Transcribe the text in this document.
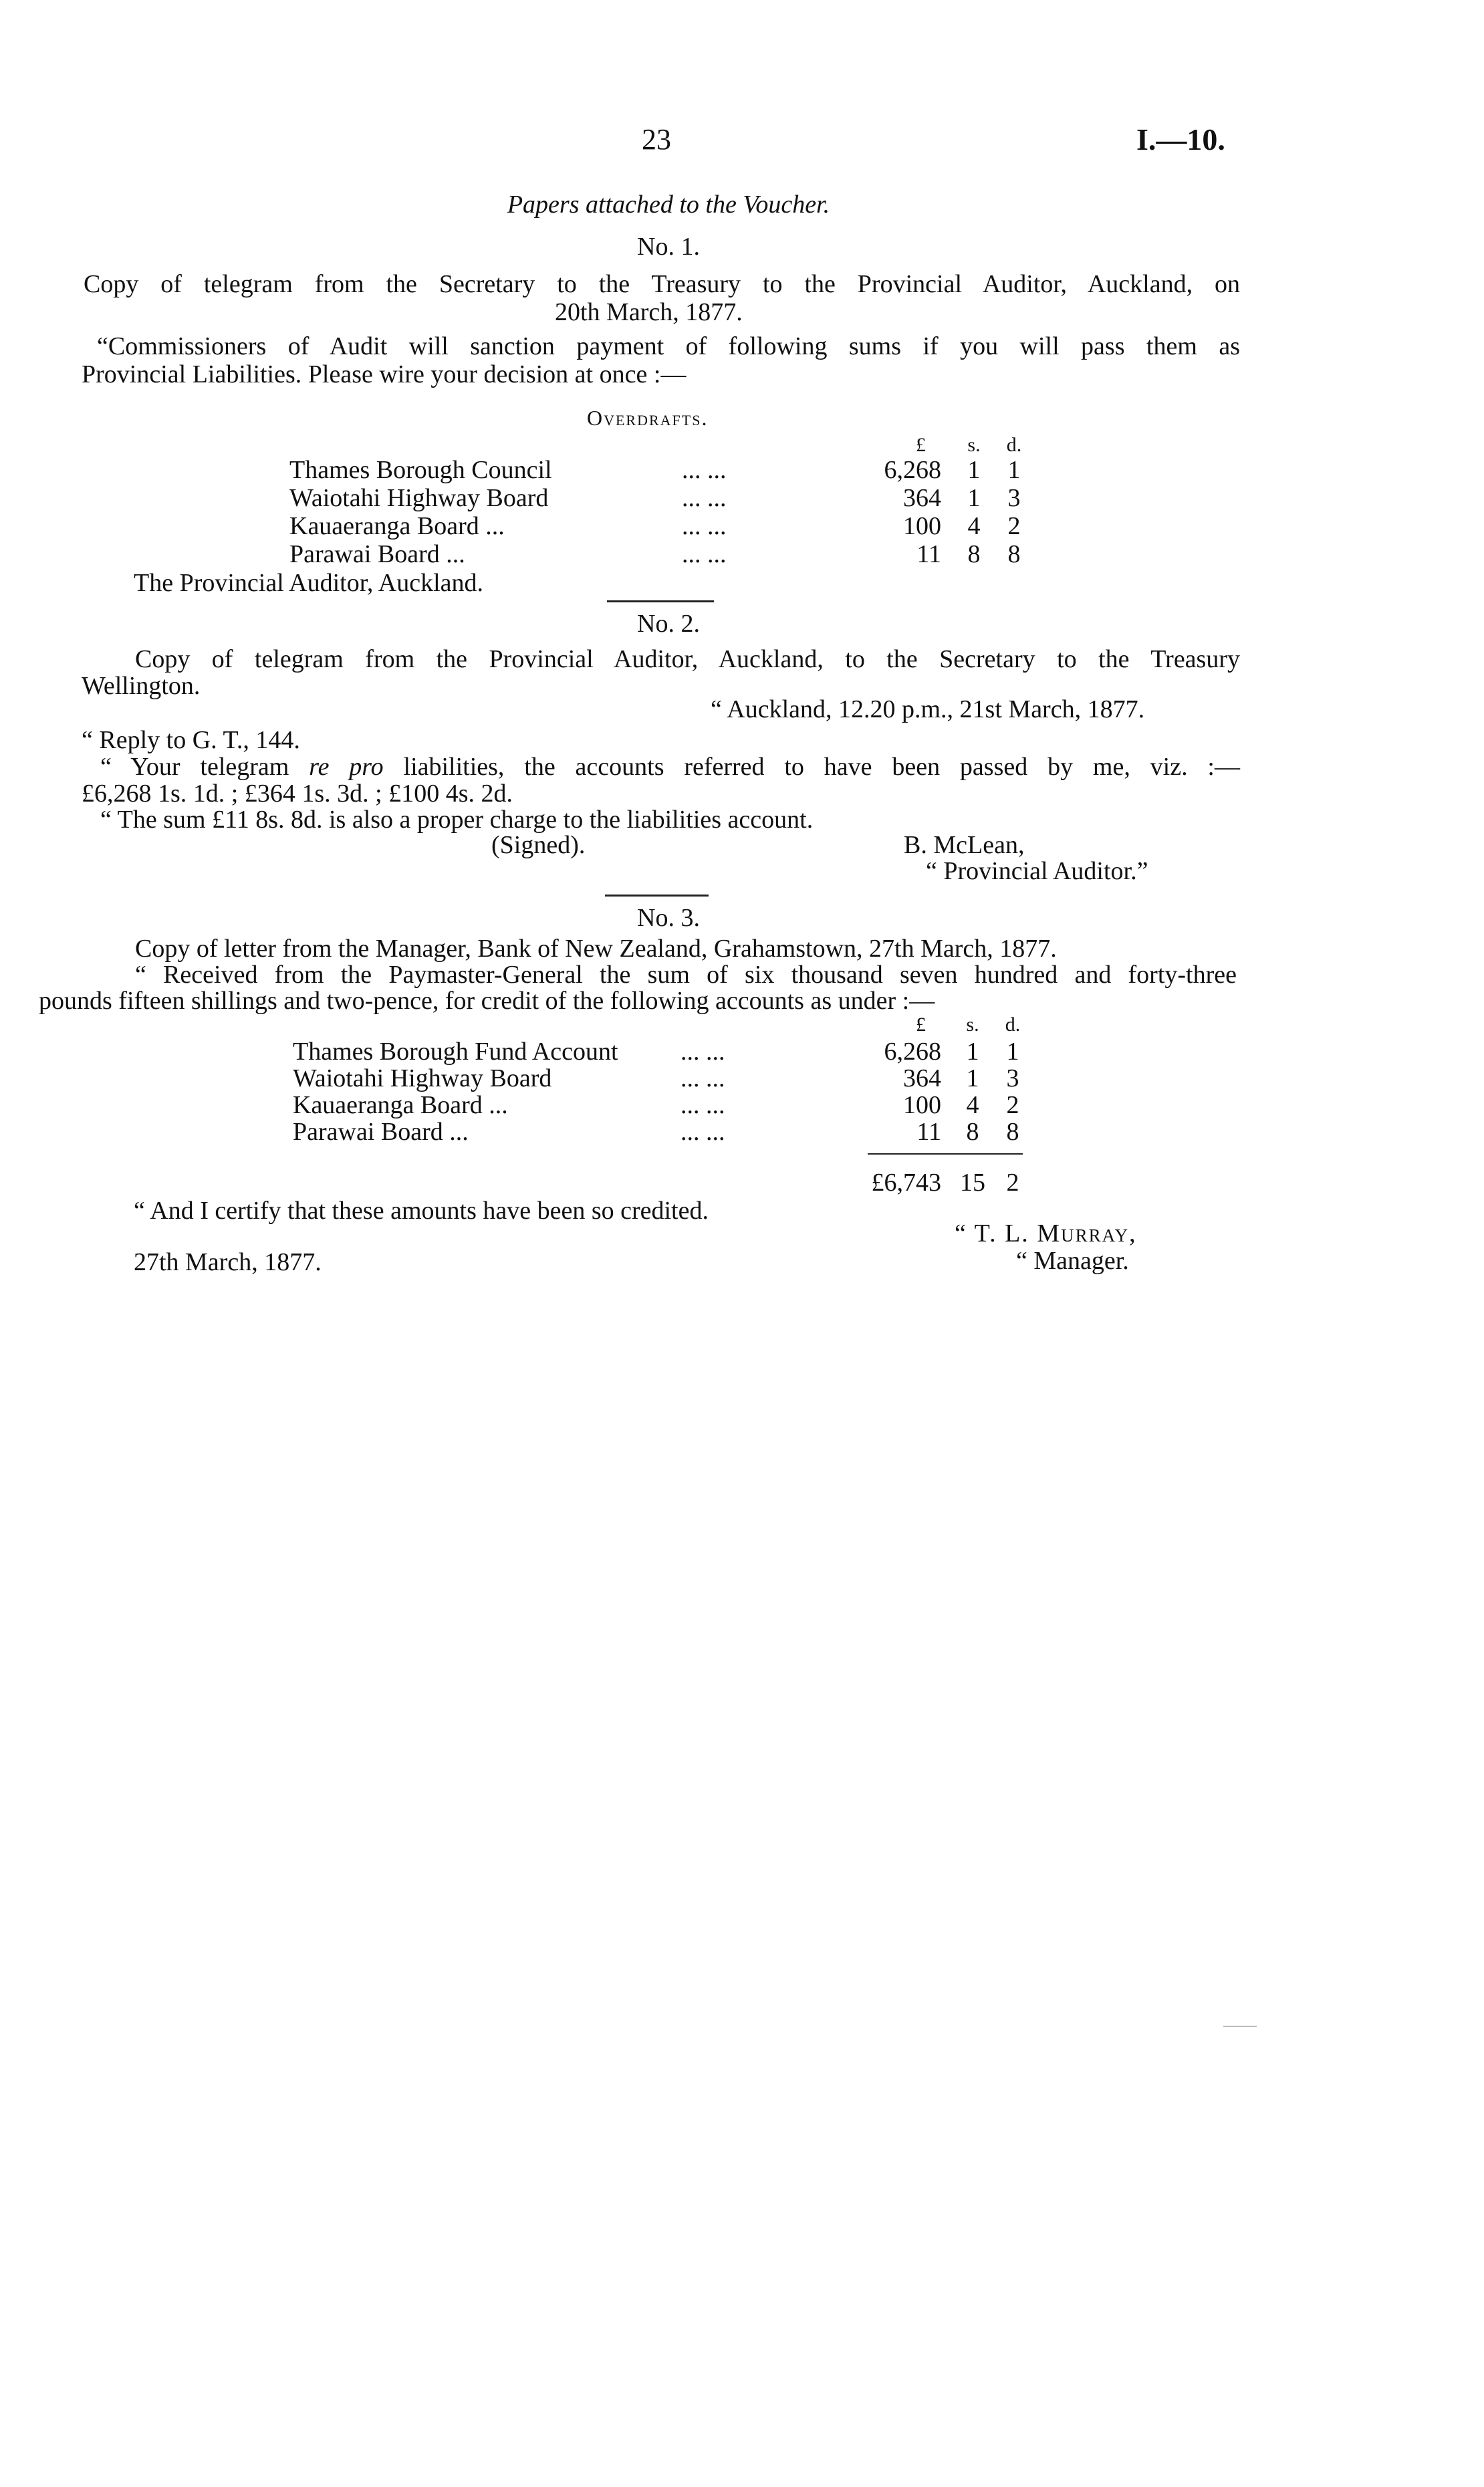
23	I.—10.
Papers attached to the Voucher.
No. 1.
Copy of telegram from the Secretary to the Treasury to the Provincial Auditor, Auckland, on
20th March, 1877.
“Commissioners of Audit will sanction payment of following sums if you will pass them as
Provincial Liabilities. Please wire your decision at once :—
Overdrafts.
£	s. d.
Thames Borough Council	... ...	6,268 1 1
Waiotahi Highway Board	... ...	364 1 3
Kauaeranga Board ...	... ...	100 4 2
Parawai Board ...	... ...	11 8 8
The Provincial Auditor, Auckland.
No. 2.
Copy of telegram from the Provincial Auditor, Auckland, to the Secretary to the Treasury
Wellington.
“ Auckland, 12.20 p.m., 21st March, 1877.
“ Reply to G. T., 144.
“ Your telegram re pro liabilities, the accounts referred to have been passed by me, viz. :—
£6,268 1s. 1d. ; £364 1s. 3d. ; £100 4s. 2d.
“ The sum £11 8s. 8d. is also a proper charge to the liabilities account.
(Signed).	B. McLean,
“ Provincial Auditor.”
No. 3.
Copy of letter from the Manager, Bank of New Zealand, Grahamstown, 27th March, 1877.
“ Received from the Paymaster-General the sum of six thousand seven hundred and forty-three
pounds fifteen shillings and two-pence, for credit of the following accounts as under :—
£	s. d.
Thames Borough Fund Account ... ...	6,268 1 1
Waiotahi Highway Board	... ...	364 1 3
Kauaeranga Board ...	... ...	100 4 2
Parawai Board ...	... ...	11 8 8
£6,743 15 2
“ And I certify that these amounts have been so credited.
“ T. L. Murray,
“ Manager.
27th March, 1877.
